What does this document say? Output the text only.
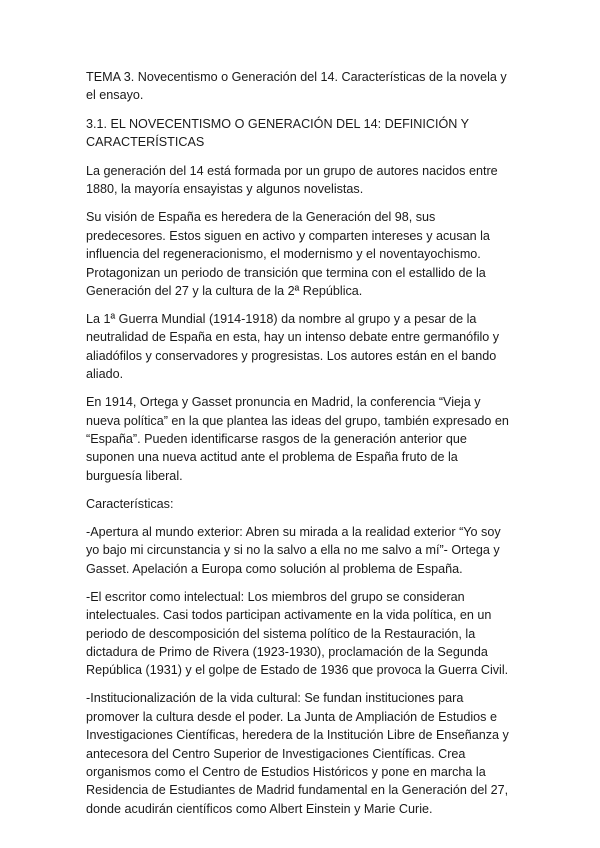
TEMA 3. Novecentismo o Generación del 14. Características de la novela y el ensayo.

3.1. EL NOVECENTISMO O GENERACIÓN DEL 14: DEFINICIÓN Y CARACTERÍSTICAS

La generación del 14 está formada por un grupo de autores nacidos entre 1880, la mayoría ensayistas y algunos novelistas.

Su visión de España es heredera de la Generación del 98, sus predecesores. Estos siguen en activo y comparten intereses y acusan la influencia del regeneracionismo, el modernismo y el noventayochismo. Protagonizan un periodo de transición que termina con el estallido de la Generación del 27 y la cultura de la 2ª República.

La 1ª Guerra Mundial (1914-1918) da nombre al grupo y a pesar de la neutralidad de España en esta, hay un intenso debate entre germanófilo y aliadófilos y conservadores y progresistas. Los autores están en el bando aliado.

En 1914, Ortega y Gasset pronuncia en Madrid, la conferencia “Vieja y nueva política” en la que plantea las ideas del grupo, también expresado en “España”. Pueden identificarse rasgos de la generación anterior que suponen una nueva actitud ante el problema de España fruto de la burguesía liberal.

Características:

-Apertura al mundo exterior: Abren su mirada a la realidad exterior “Yo soy yo bajo mi circunstancia y si no la salvo a ella no me salvo a mí”- Ortega y Gasset. Apelación a Europa como solución al problema de España.

-El escritor como intelectual: Los miembros del grupo se consideran intelectuales. Casi todos participan activamente en la vida política, en un periodo de descomposición del sistema político de la Restauración, la dictadura de Primo de Rivera (1923-1930), proclamación de la Segunda República (1931) y el golpe de Estado de 1936 que provoca la Guerra Civil.

-Institucionalización de la vida cultural: Se fundan instituciones para promover la cultura desde el poder. La Junta de Ampliación de Estudios e Investigaciones Científicas, heredera de la Institución Libre de Enseñanza y antecesora del Centro Superior de Investigaciones Científicas. Crea organismos como el Centro de Estudios Históricos y pone en marcha la Residencia de Estudiantes de Madrid fundamental en la Generación del 27, donde acudirán científicos como Albert Einstein y Marie Curie.
